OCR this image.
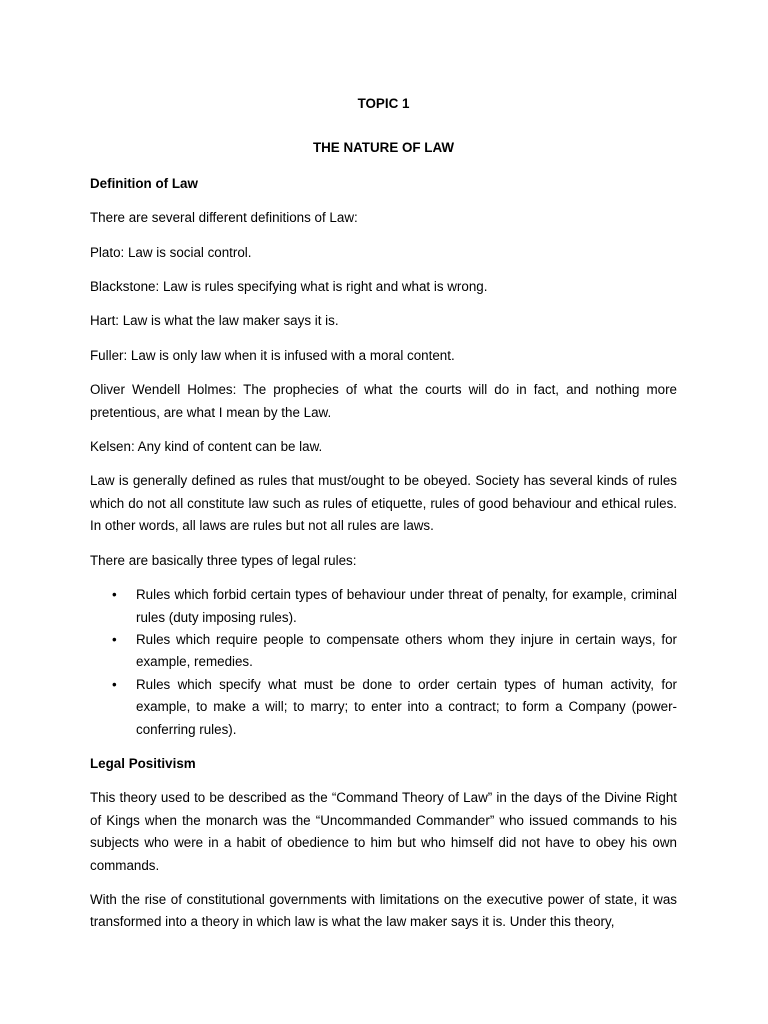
TOPIC 1
THE NATURE OF LAW
Definition of Law

There are several different definitions of Law:

Plato: Law is social control.

Blackstone: Law is rules specifying what is right and what is wrong.

Hart: Law is what the law maker says it is.

Fuller: Law is only law when it is infused with a moral content.

Oliver Wendell Holmes: The prophecies of what the courts will do in fact, and nothing more pretentious, are what I mean by the Law.

Kelsen: Any kind of content can be law.

Law is generally defined as rules that must/ought to be obeyed. Society has several kinds of rules which do not all constitute law such as rules of etiquette, rules of good behaviour and ethical rules. In other words, all laws are rules but not all rules are laws.

There are basically three types of legal rules:

• Rules which forbid certain types of behaviour under threat of penalty, for example, criminal rules (duty imposing rules).
• Rules which require people to compensate others whom they injure in certain ways, for example, remedies.
• Rules which specify what must be done to order certain types of human activity, for example, to make a will; to marry; to enter into a contract; to form a Company (power-conferring rules).
Legal Positivism

This theory used to be described as the “Command Theory of Law” in the days of the Divine Right of Kings when the monarch was the “Uncommanded Commander” who issued commands to his subjects who were in a habit of obedience to him but who himself did not have to obey his own commands.

With the rise of constitutional governments with limitations on the executive power of state, it was transformed into a theory in which law is what the law maker says it is. Under this theory,
